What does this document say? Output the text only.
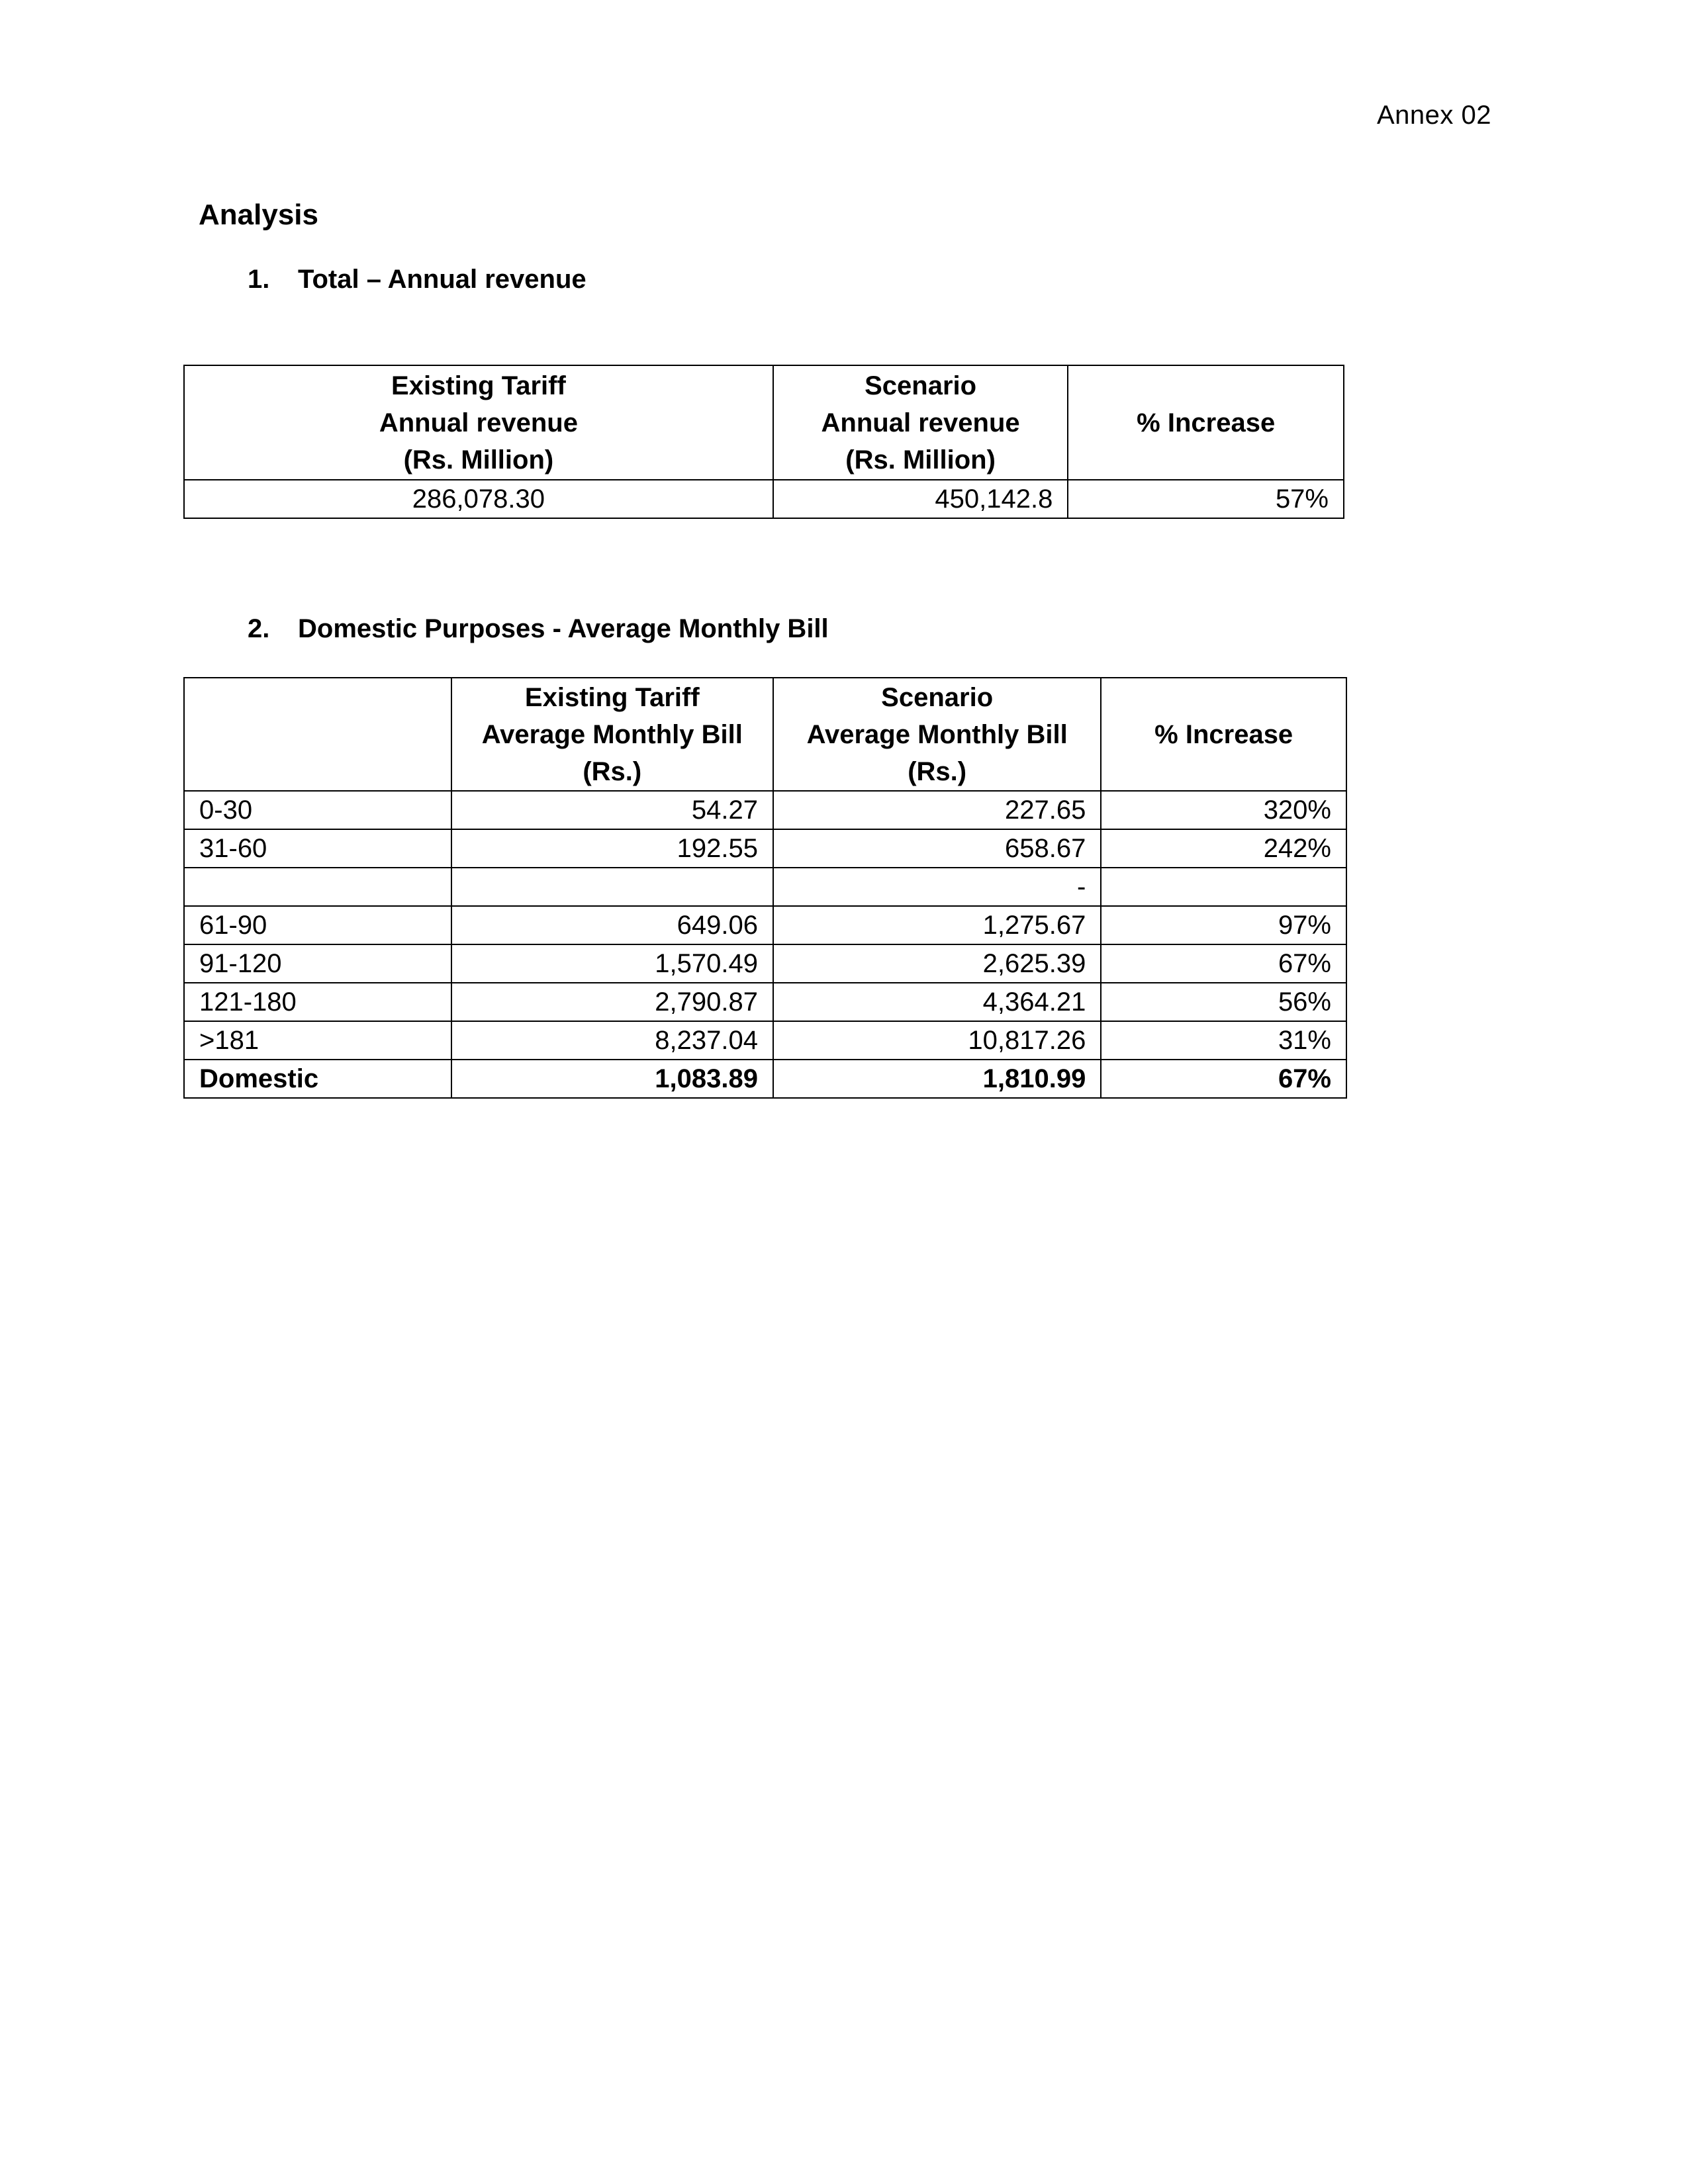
Annex 02
Analysis
1. Total – Annual revenue
Existing Tariff
Annual revenue
(Rs. Million)	Scenario
Annual revenue
(Rs. Million)	% Increase

286,078.30	450,142.8	57%
2. Domestic Purposes - Average Monthly Bill

	Existing Tariff
Average Monthly Bill
(Rs.)	Scenario
Average Monthly Bill
(Rs.)	% Increase

0-30	54.27	227.65	320%
31-60	192.55	658.67	242%
		-	
61-90	649.06	1,275.67	97%
91-120	1,570.49	2,625.39	67%
121-180	2,790.87	4,364.21	56%
>181	8,237.04	10,817.26	31%
Domestic	1,083.89	1,810.99	67%
